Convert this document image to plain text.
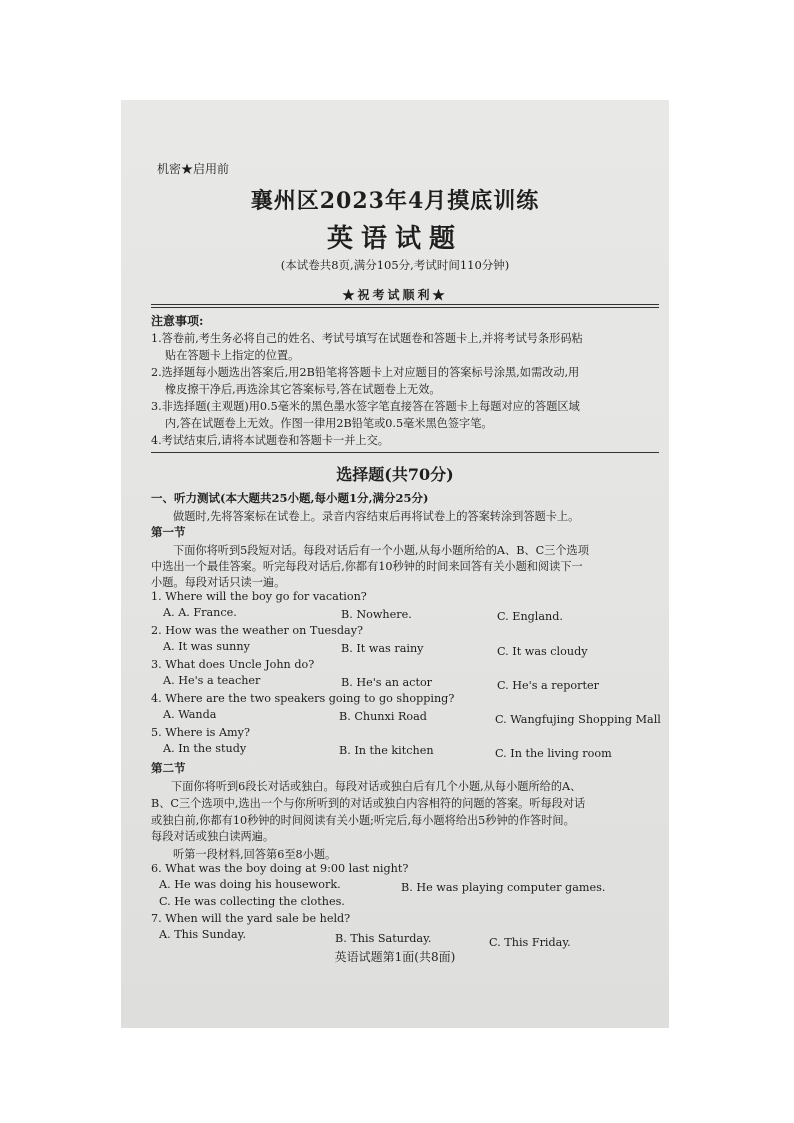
机密★启用前
襄州区2023年4月摸底训练
英语试题
(本试卷共8页,满分105分,考试时间110分钟)
★祝考试顺利★
注意事项:
1.答卷前,考生务必将自己的姓名、考试号填写在试题卷和答题卡上,并将考试号条形码粘
贴在答题卡上指定的位置。
2.选择题每小题选出答案后,用2B铅笔将答题卡上对应题目的答案标号涂黑,如需改动,用
橡皮擦干净后,再选涂其它答案标号,答在试题卷上无效。
3.非选择题(主观题)用0.5毫米的黑色墨水签字笔直接答在答题卡上每题对应的答题区域
内,答在试题卷上无效。作图一律用2B铅笔或0.5毫米黑色签字笔。
4.考试结束后,请将本试题卷和答题卡一并上交。
选择题(共70分)
一、听力测试(本大题共25小题,每小题1分,满分25分)
做题时,先将答案标在试卷上。录音内容结束后再将试卷上的答案转涂到答题卡上。
第一节
下面你将听到5段短对话。每段对话后有一个小题,从每小题所给的A、B、C三个选项
中选出一个最佳答案。听完每段对话后,你都有10秒钟的时间来回答有关小题和阅读下一
小题。每段对话只读一遍。
1. Where will the boy go for vacation?
A. A. France.	B. Nowhere.	C. England.
2. How was the weather on Tuesday?
A. It was sunny	B. It was rainy	C. It was cloudy
3. What does Uncle John do?
A. He's a teacher	B. He's an actor	C. He's a reporter
4. Where are the two speakers going to go shopping?
A. Wanda	B. Chunxi Road	C. Wangfujing Shopping Mall
5. Where is Amy?
A. In the study	B. In the kitchen	C. In the living room
第二节
下面你将听到6段长对话或独白。每段对话或独白后有几个小题,从每小题所给的A、
B、C三个选项中,选出一个与你所听到的对话或独白内容相符的问题的答案。听每段对话
或独白前,你都有10秒钟的时间阅读有关小题;听完后,每小题将给出5秒钟的作答时间。
每段对话或独白读两遍。
听第一段材料,回答第6至8小题。
6. What was the boy doing at 9:00 last night?
A. He was doing his housework.	B. He was playing computer games.
C. He was collecting the clothes.
7. When will the yard sale be held?
A. This Sunday.	B. This Saturday.	C. This Friday.
英语试题第1面(共8面)
